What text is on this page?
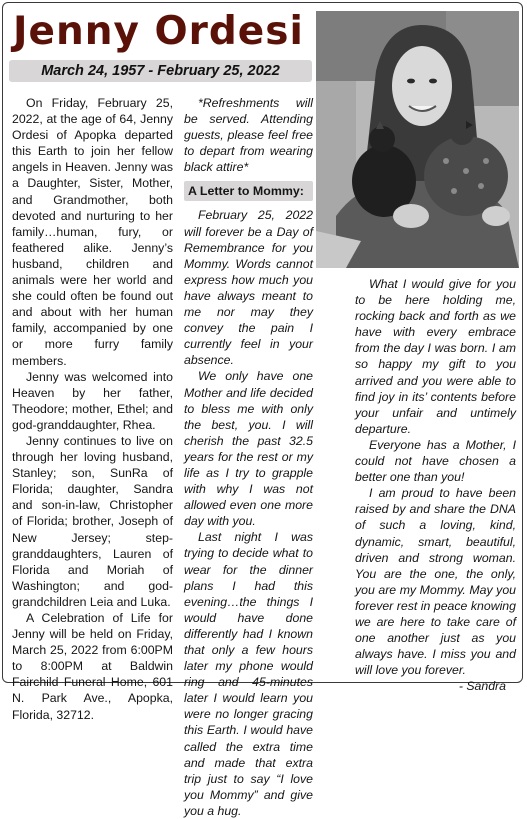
Jenny Ordesi
March 24, 1957 - February 25, 2022

On Friday, February 25, 2022, at the age of 64, Jenny Ordesi of Apopka departed this Earth to join her fellow angels in Heaven. Jenny was a Daughter, Sister, Mother, and Grandmother, both devoted and nurturing to her family…human, fury, or feathered alike. Jenny’s husband, children and animals were her world and she could often be found out and about with her human family, accompanied by one or more furry family members.

Jenny was welcomed into Heaven by her father, Theodore; mother, Ethel; and god-granddaughter, Rhea.

Jenny continues to live on through her loving husband, Stanley; son, SunRa of Florida; daughter, Sandra and son-in-law, Christopher of Florida; brother, Joseph of New Jersey; step-granddaughters, Lauren of Florida and Moriah of Washington; and god-grandchildren Leia and Luka.

A Celebration of Life for Jenny will be held on Friday, March 25, 2022 from 6:00PM to 8:00PM at Baldwin Fairchild Funeral Home, 601 N. Park Ave., Apopka, Florida, 32712.

*Refreshments will be served. Attending guests, please feel free to depart from wearing black attire*

A Letter to Mommy:

February 25, 2022 will forever be a Day of Remembrance for you Mommy. Words cannot express how much you have always meant to me nor may they convey the pain I currently feel in your absence.

We only have one Mother and life decided to bless me with only the best, you. I will cherish the past 32.5 years for the rest or my life as I try to grapple with why I was not allowed even one more day with you.

Last night I was trying to decide what to wear for the dinner plans I had this evening…the things I would have done differently had I known that only a few hours later my phone would ring and 45-minutes later I would learn you were no longer gracing this Earth. I would have called the extra time and made that extra trip just to say “I love you Mommy” and give you a hug.

What I would give for you to be here holding me, rocking back and forth as we have with every embrace from the day I was born. I am so happy my gift to you arrived and you were able to find joy in its’ contents before your unfair and untimely departure.

Everyone has a Mother, I could not have chosen a better one than you!

I am proud to have been raised by and share the DNA of such a loving, kind, dynamic, smart, beautiful, driven and strong woman. You are the one, the only, you are my Mommy. May you forever rest in peace knowing we are here to take care of one another just as you always have. I miss you and will love you forever.

- Sandra
